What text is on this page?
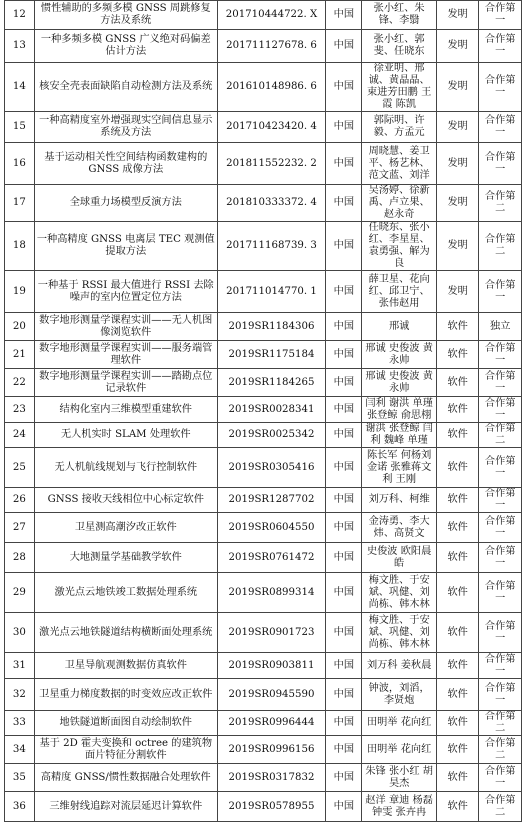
12	惯性辅助的多频多模 GNSS 周跳修复方法及系统	201710444722. X	中国	张小红、朱锋、李翳	发明	合作第一
13	一种多频多模 GNSS 广义绝对码偏差估计方法	201711127678. 6	中国	张小红、郭斐、任晓东	发明	合作第一
14	核安全壳表面缺陷自动检测方法及系统	201610148986. 6	中国	徐亚明、邢诚、黄晶晶、束进芳田鹏 王霞 陈凯	发明	合作第一
15	一种高精度室外增强现实空间信息显示系统及方法	201710423420. 4	中国	郭际明、许毅、方孟元	发明	合作第一
16	基于运动相关性空间结构函数建构的 GNSS 成像方法	201811552232. 2	中国	周晓慧、姜卫平、杨艺林、范文蓝、刘洋	发明	合作第一
17	全球重力场模型反演方法	201810333372. 4	中国	吴汤婷、徐新禹、卢立果、赵永奇	发明	合作第二
18	一种高精度 GNSS 电离层 TEC 观测值提取方法	201711168739. 3	中国	任晓东、张小红、李星星、袁勇强、解为良	发明	合作第二
19	一种基于 RSSI 最大值进行 RSSI 去除噪声的室内位置定位方法	201711014770. 1	中国	薛卫星、花向红、邱卫宁、张伟赵用	发明	合作第一
20	数字地形测量学课程实训——无人机图像浏览软件	2019SR1184306	中国	邢诚	软件	独立
21	数字地形测量学课程实训——服务端管理软件	2019SR1175184	中国	邢诚 史俊波 黄永帅	软件	合作第一
22	数字地形测量学课程实训——踏勘点位记录软件	2019SR1184265	中国	邢诚 史俊波 黄永帅	软件	合作第一
23	结构化室内三维模型重建软件	2019SR0028341	中国	闫利 谢洪 单瑾张登鲸 俞思栩	软件	合作第一
24	无人机实时 SLAM 处理软件	2019SR0025342	中国	谢洪 张登鲸 闫利 魏峰 单瑾	软件	合作第二
25	无人机航线规划与飞行控制软件	2019SR0305416	中国	陈长军 何杨刘金诺 张雅蒋文利 王刚	软件	合作第一
26	GNSS 接收天线相位中心标定软件	2019SR1287702	中国	刘万科、柯维	软件	合作第一
27	卫星测高潮汐改正软件	2019SR0604550	中国	金涛勇、李大炜、高贤文	软件	合作第一
28	大地测量学基础教学软件	2019SR0761472	中国	史俊波 欧阳晨皓	软件	合作第一
29	激光点云地铁竣工数据处理系统	2019SR0899314	中国	梅文胜、于安斌、巩健、刘尚栋、韩木林	软件	合作第一
30	激光点云地铁隧道结构横断面处理系统	2019SR0901723	中国	梅文胜、于安斌、巩健、刘尚栋、韩木林	软件	合作第一
31	卫星导航观测数据仿真软件	2019SR0903811	中国	刘万科 姜秋晨	软件	合作第一
32	卫星重力梯度数据的时变效应改正软件	2019SR0945590	中国	钟波，刘滔，李贤炮	软件	合作第一
33	地铁隧道断面图自动绘制软件	2019SR0996444	中国	田明举 花向红	软件	合作第二
34	基于 2D 霍夫变换和 octree 的建筑物面片特征分割软件	2019SR0996156	中国	田明举 花向红	软件	合作第二
35	高精度 GNSS/惯性数据融合处理软件	2019SR0317832	中国	朱锋 张小红 胡昊杰	软件	合作第一
36	三维射线追踪对流层延迟计算软件	2019SR0578955	中国	赵洋 章迪 杨磊钟雯 张卉冉	软件	合作第二
